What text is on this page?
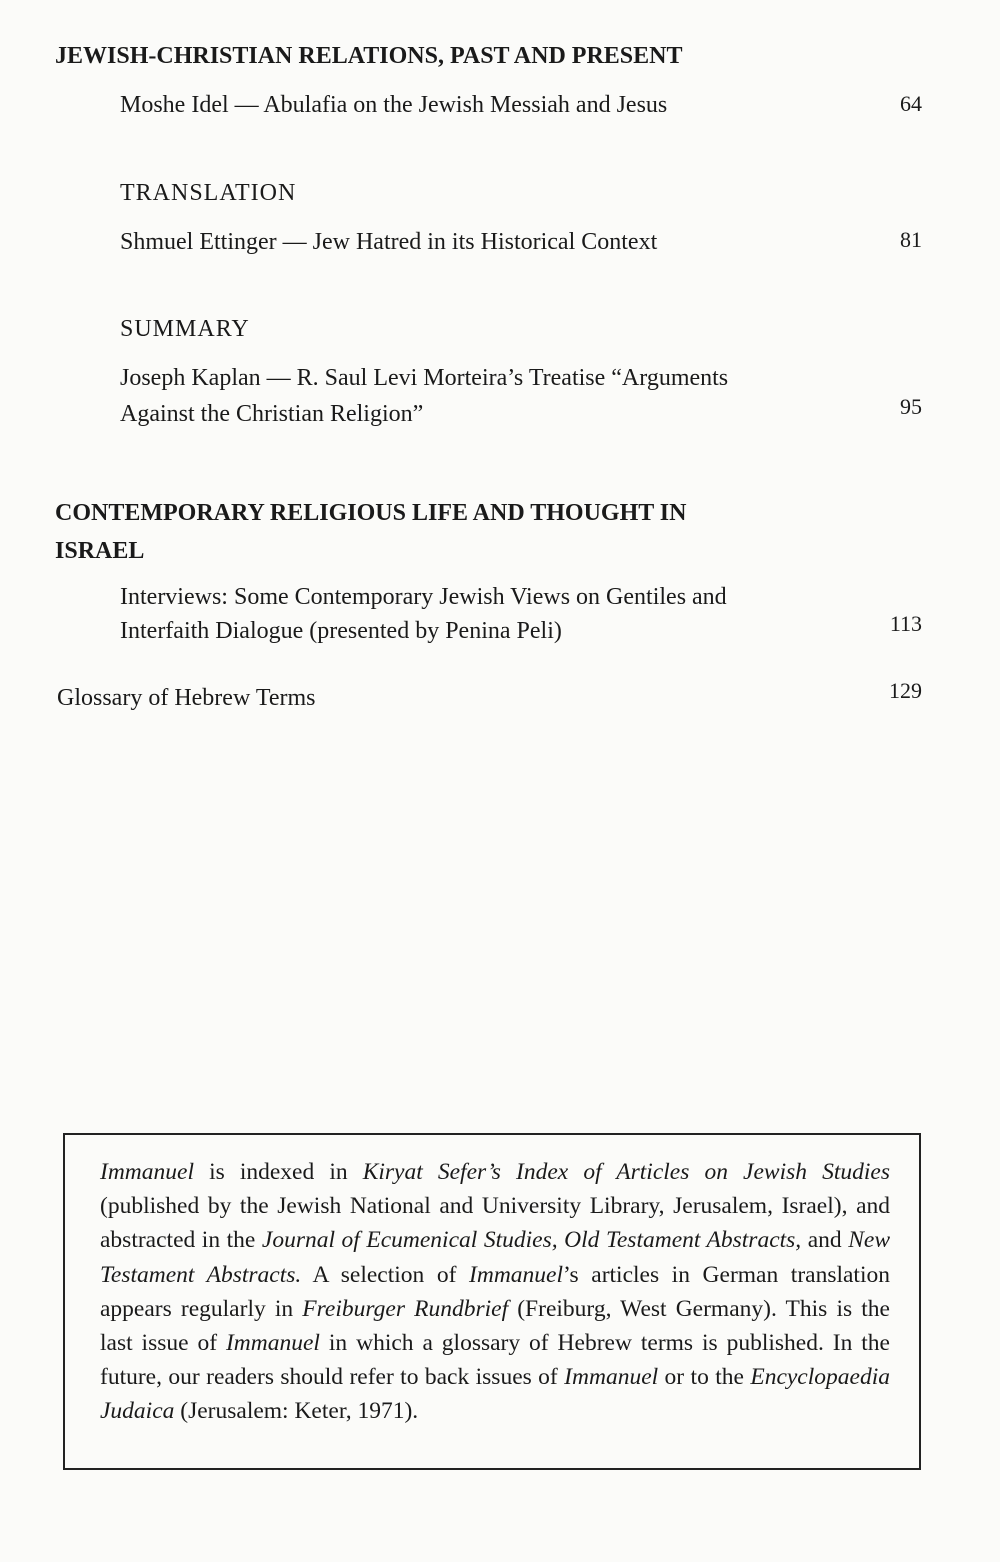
JEWISH-CHRISTIAN RELATIONS, PAST AND PRESENT
Moshe Idel — Abulafia on the Jewish Messiah and Jesus	64
TRANSLATION
Shmuel Ettinger — Jew Hatred in its Historical Context	81
SUMMARY
Joseph Kaplan — R. Saul Levi Morteira’s Treatise “Arguments
Against the Christian Religion”	95
CONTEMPORARY RELIGIOUS LIFE AND THOUGHT IN
ISRAEL
Interviews: Some Contemporary Jewish Views on Gentiles and
Interfaith Dialogue (presented by Penina Peli)	113
Glossary of Hebrew Terms	129
Immanuel is indexed in Kiryat Sefer’s Index of Articles on Jewish Studies (published by the Jewish National and University Library, Jerusalem, Israel), and abstracted in the Journal of Ecumenical Studies, Old Testament Abstracts, and New Testament Abstracts. A selection of Immanuel’s articles in German translation appears regularly in Freiburger Rundbrief (Freiburg, West Germany). This is the last issue of Immanuel in which a glossary of Hebrew terms is published. In the future, our readers should refer to back issues of Immanuel or to the Encyclopaedia Judaica (Jerusalem: Keter, 1971).
